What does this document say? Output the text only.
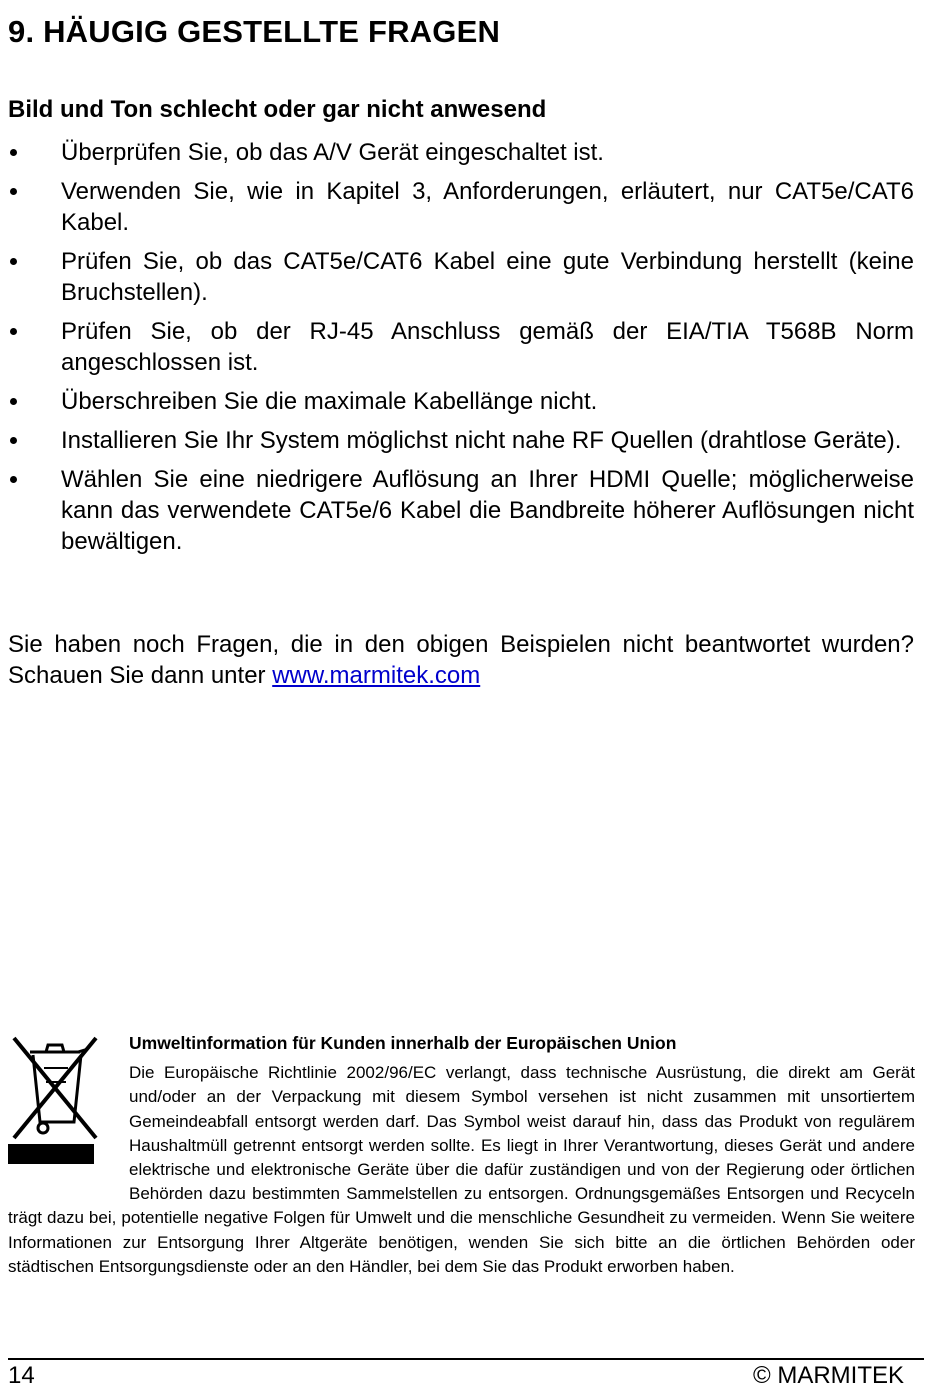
9. HÄUGIG GESTELLTE FRAGEN
Bild und Ton schlecht oder gar nicht anwesend
Überprüfen Sie, ob das A/V Gerät eingeschaltet ist.
Verwenden Sie, wie in Kapitel 3, Anforderungen, erläutert, nur CAT5e/CAT6 Kabel.
Prüfen Sie, ob das CAT5e/CAT6 Kabel eine gute Verbindung herstellt (keine Bruchstellen).
Prüfen Sie, ob der RJ-45 Anschluss gemäß der EIA/TIA T568B Norm angeschlossen ist.
Überschreiben Sie die maximale Kabellänge nicht.
Installieren Sie Ihr System möglichst nicht nahe RF Quellen (drahtlose Geräte).
Wählen Sie eine niedrigere Auflösung an Ihrer HDMI Quelle; möglicherweise kann das verwendete CAT5e/6 Kabel die Bandbreite höherer Auflösungen nicht bewältigen.

Sie haben noch Fragen, die in den obigen Beispielen nicht beantwortet wurden? Schauen Sie dann unter www.marmitek.com

Umweltinformation für Kunden innerhalb der Europäischen Union

Die Europäische Richtlinie 2002/96/EC verlangt, dass technische Ausrüstung, die direkt am Gerät und/oder an der Verpackung mit diesem Symbol versehen ist nicht zusammen mit unsortiertem Gemeindeabfall entsorgt werden darf. Das Symbol weist darauf hin, dass das Produkt von regulärem Haushaltmüll getrennt entsorgt werden sollte. Es liegt in Ihrer Verantwortung, dieses Gerät und andere elektrische und elektronische Geräte über die dafür zuständigen und von der Regierung oder örtlichen Behörden dazu bestimmten Sammelstellen zu entsorgen. Ordnungsgemäßes Entsorgen und Recyceln trägt dazu bei, potentielle negative Folgen für Umwelt und die menschliche Gesundheit zu vermeiden. Wenn Sie weitere Informationen zur Entsorgung Ihrer Altgeräte benötigen, wenden Sie sich bitte an die örtlichen Behörden oder städtischen Entsorgungsdienste oder an den Händler, bei dem Sie das Produkt erworben haben.

14	© MARMITEK
